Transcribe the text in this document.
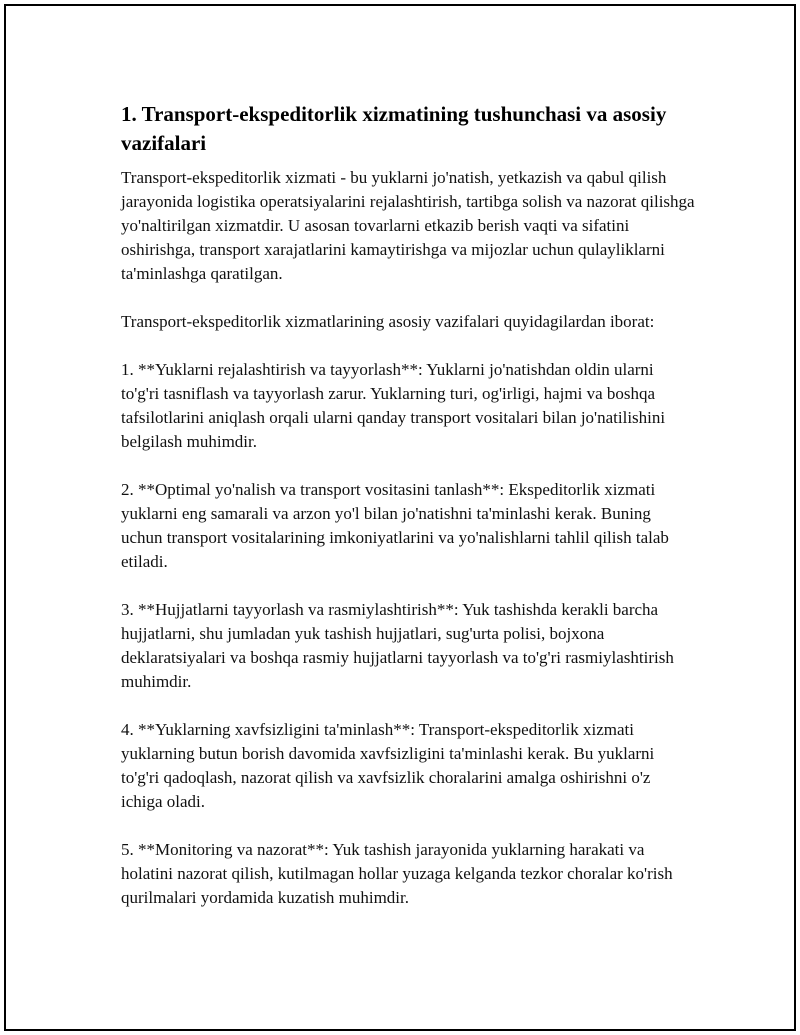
1. Transport-ekspeditorlik xizmatining tushunchasi va asosiy vazifalari

Transport-ekspeditorlik xizmati - bu yuklarni jo'natish, yetkazish va qabul qilish jarayonida logistika operatsiyalarini rejalashtirish, tartibga solish va nazorat qilishga yo'naltirilgan xizmatdir. U asosan tovarlarni etkazib berish vaqti va sifatini oshirishga, transport xarajatlarini kamaytirishga va mijozlar uchun qulayliklarni ta'minlashga qaratilgan.

Transport-ekspeditorlik xizmatlarining asosiy vazifalari quyidagilardan iborat:

1. **Yuklarni rejalashtirish va tayyorlash**: Yuklarni jo'natishdan oldin ularni to'g'ri tasniflash va tayyorlash zarur. Yuklarning turi, og'irligi, hajmi va boshqa tafsilotlarini aniqlash orqali ularni qanday transport vositalari bilan jo'natilishini belgilash muhimdir.

2. **Optimal yo'nalish va transport vositasini tanlash**: Ekspeditorlik xizmati yuklarni eng samarali va arzon yo'l bilan jo'natishni ta'minlashi kerak. Buning uchun transport vositalarining imkoniyatlarini va yo'nalishlarni tahlil qilish talab etiladi.

3. **Hujjatlarni tayyorlash va rasmiylashtirish**: Yuk tashishda kerakli barcha hujjatlarni, shu jumladan yuk tashish hujjatlari, sug'urta polisi, bojxona deklaratsiyalari va boshqa rasmiy hujjatlarni tayyorlash va to'g'ri rasmiylashtirish muhimdir.

4. **Yuklarning xavfsizligini ta'minlash**: Transport-ekspeditorlik xizmati yuklarning butun borish davomida xavfsizligini ta'minlashi kerak. Bu yuklarni to'g'ri qadoqlash, nazorat qilish va xavfsizlik choralarini amalga oshirishni o'z ichiga oladi.

5. **Monitoring va nazorat**: Yuk tashish jarayonida yuklarning harakati va holatini nazorat qilish, kutilmagan hollar yuzaga kelganda tezkor choralar ko'rish qurilmalari yordamida kuzatish muhimdir.
